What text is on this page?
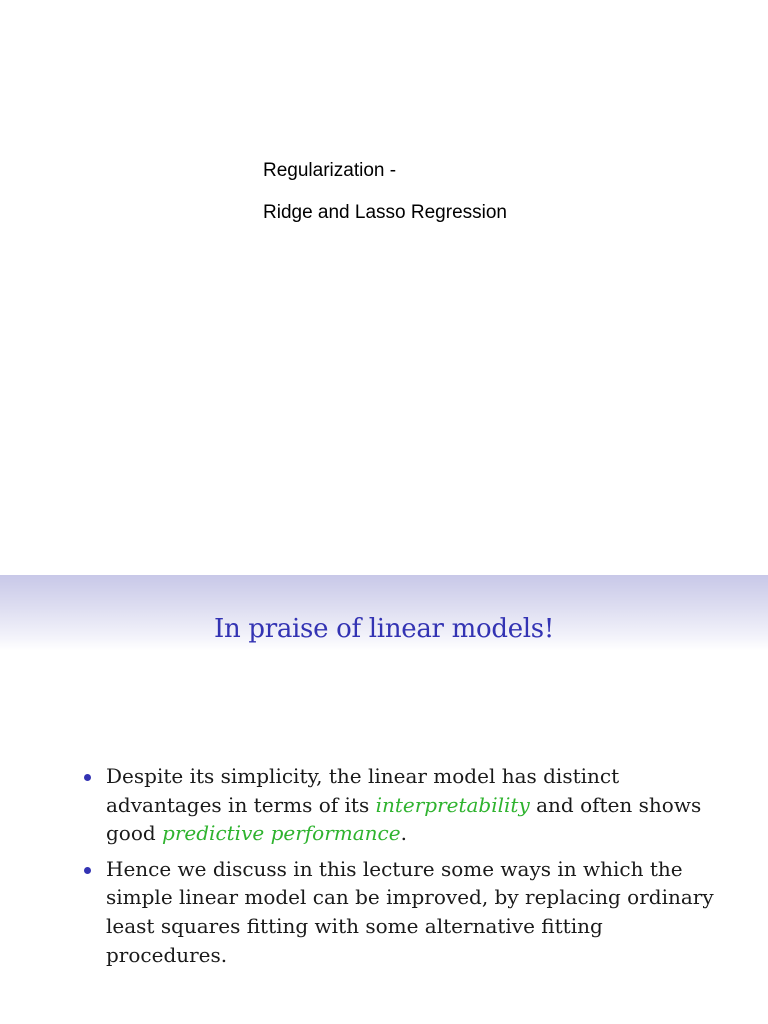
Regularization -
Ridge and Lasso Regression
In praise of linear models!
Despite its simplicity, the linear model has distinct advantages in terms of its interpretability and often shows good predictive performance.
Hence we discuss in this lecture some ways in which the simple linear model can be improved, by replacing ordinary least squares fitting with some alternative fitting procedures.
